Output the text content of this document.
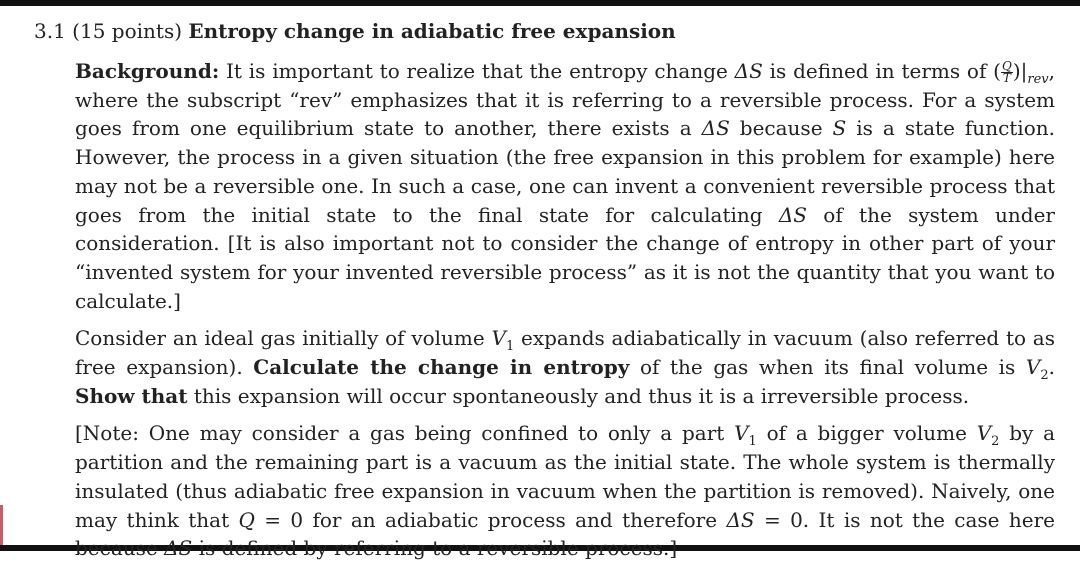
3.1 (15 points) Entropy change in adiabatic free expansion

Background: It is important to realize that the entropy change ΔS is defined in terms of ( $\frac{Q}{T} )|_{rev}$, where the subscript “rev” emphasizes that it is referring to a reversible process. For a system goes from one equilibrium state to another, there exists a ΔS because S is a state function. However, the process in a given situation (the free expansion in this problem for example) here may not be a reversible one. In such a case, one can invent a convenient reversible process that goes from the initial state to the final state for calculating ΔS of the system under consideration. [It is also important not to consider the change of entropy in other part of your “invented system for your invented reversible process” as it is not the quantity that you want to calculate.]

Consider an ideal gas initially of volume $V_1$ expands adiabatically in vacuum (also referred to as free expansion). Calculate the change in entropy of the gas when its final volume is $V_2$. Show that this expansion will occur spontaneously and thus it is a irreversible process.

[Note: One may consider a gas being confined to only a part $V_1$ of a bigger volume $V_2$ by a partition and the remaining part is a vacuum as the initial state. The whole system is thermally insulated (thus adiabatic free expansion in vacuum when the partition is removed). Naively, one may think that Q = 0 for an adiabatic process and therefore ΔS = 0. It is not the case here because ΔS is defined by referring to a reversible process.]
